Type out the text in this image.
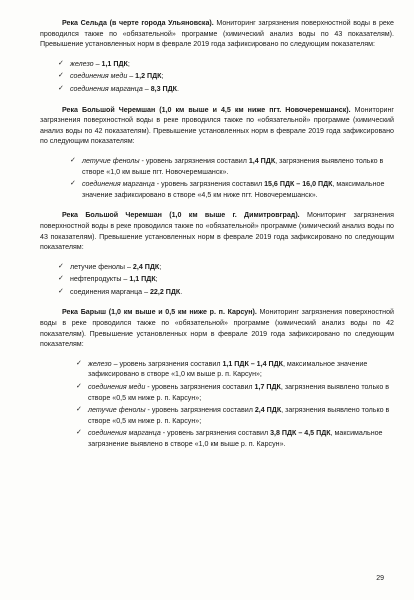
Река Сельда (в черте города Ульяновска). Мониторинг загрязнения поверхностной воды в реке проводился также по «обязательной» программе (химический анализ воды по 43 показателям). Превышение установленных норм в феврале 2019 года зафиксировано по следующим показателям:

✓ железо – 1,1 ПДК;
✓ соединения меди – 1,2 ПДК;
✓ соединения марганца – 8,3 ПДК.

Река Большой Черемшан (1,0 км выше и 4,5 км ниже пгт. Новочеремшанск). Мониторинг загрязнения поверхностной воды в реке проводился также по «обязательной» программе (химический анализ воды по 42 показателям). Превышение установленных норм в феврале 2019 года зафиксировано по следующим показателям:

✓ летучие фенолы - уровень загрязнения составил 1,4 ПДК, загрязнения выявлено только в створе «1,0 км выше пгт. Новочеремшанск».
✓ соединения марганца - уровень загрязнения составил 15,6 ПДК – 16,0 ПДК, максимальное значение зафиксировано в створе «4,5 км ниже пгт. Новочеремшанск».

Река Большой Черемшан (1,0 км выше г. Димитровград). Мониторинг загрязнения поверхностной воды в реке проводился также по «обязательной» программе (химический анализ воды по 43 показателям). Превышение установленных норм в феврале 2019 года зафиксировано по следующим показателям:

✓ летучие фенолы – 2,4 ПДК;
✓ нефтепродукты – 1,1 ПДК;
✓ соединения марганца – 22,2 ПДК.

Река Барыш (1,0 км выше и 0,5 км ниже р. п. Карсун). Мониторинг загрязнения поверхностной воды в реке проводился также по «обязательной» программе (химический анализ воды по 42 показателям). Превышение установленных норм в феврале 2019 года зафиксировано по следующим показателям:

✓ железо – уровень загрязнения составил 1,1 ПДК – 1,4 ПДК, максимальное значение зафиксировано в створе «1,0 км выше р. п. Карсун»;
✓ соединения меди - уровень загрязнения составил 1,7 ПДК, загрязнения выявлено только в створе «0,5 км ниже р. п. Карсун»;
✓ летучие фенолы - уровень загрязнения составил 2,4 ПДК, загрязнения выявлено только в створе «0,5 км ниже р. п. Карсун»;
✓ соединения марганца - уровень загрязнения составил 3,8 ПДК – 4,5 ПДК, максимальное загрязнение выявлено в створе «1,0 км выше р. п. Карсун».
29
